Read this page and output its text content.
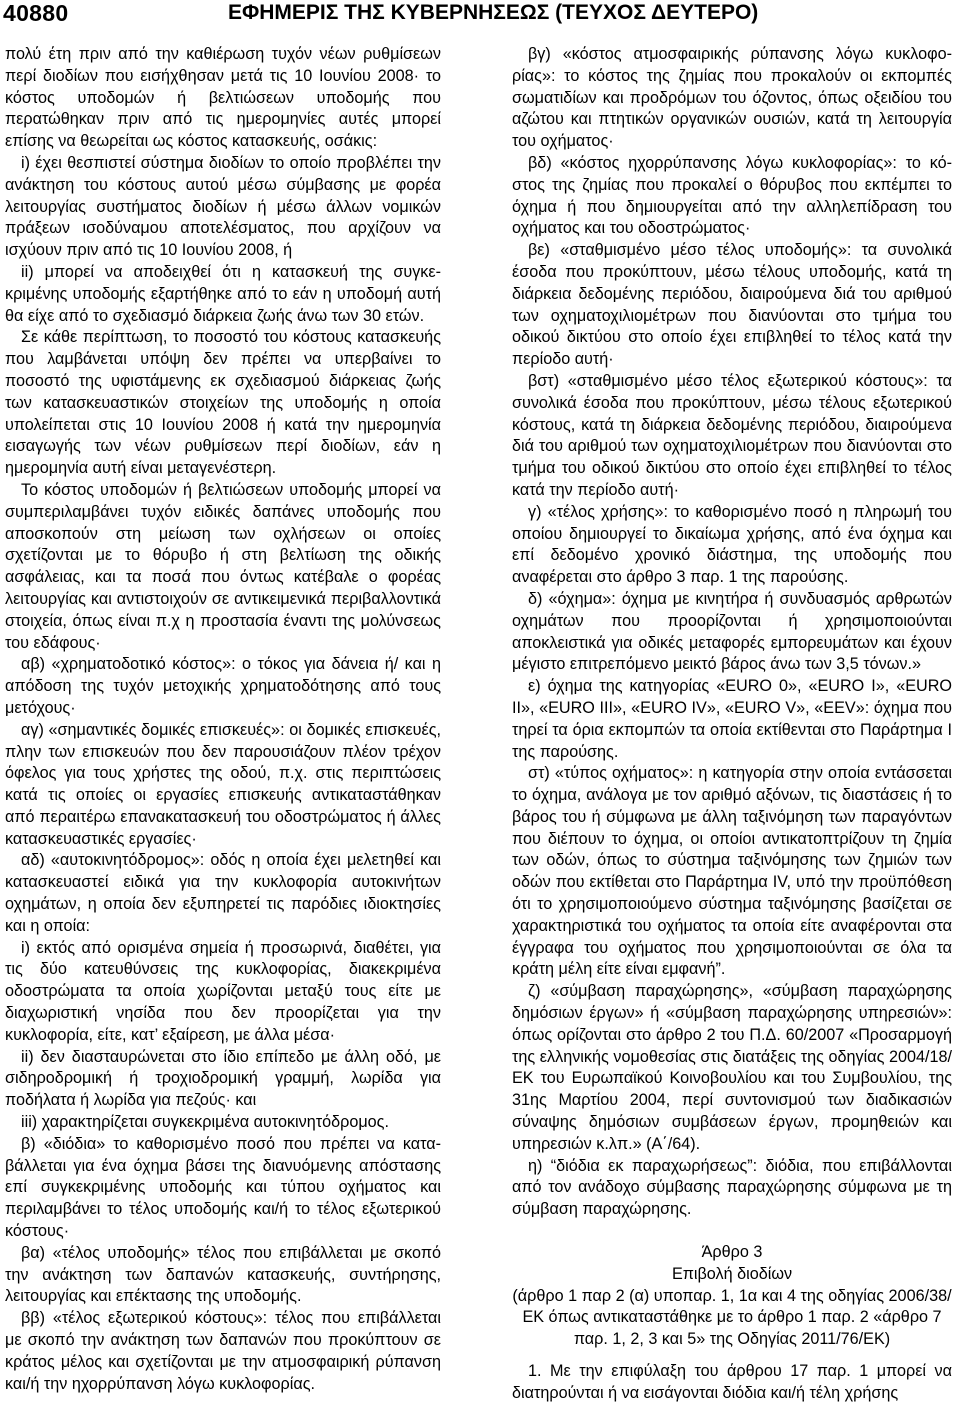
40880	ΕΦΗΜΕΡΙΣ ΤΗΣ ΚΥΒΕΡΝΗΣΕΩΣ (ΤΕΥΧΟΣ ΔΕΥΤΕΡΟ)

πολύ έτη πριν από την καθιέρωση τυχόν νέων ρυθμίσεων περί διοδίων που εισήχθησαν μετά τις 10 Ιουνίου 2008· το κόστος υποδομών ή βελτιώσεων υποδομής που περατώθηκαν πριν από τις ημερομηνίες αυτές μπορεί επίσης να θεωρείται ως κόστος κατασκευής, οσάκις:

i) έχει θεσπιστεί σύστημα διοδίων το οποίο προβλέπει την ανάκτηση του κόστους αυτού μέσω σύμβασης με φορέα λειτουργίας συστήματος διοδίων ή μέσω άλλων νομικών πράξεων ισοδύναμου αποτελέσματος, που αρχίζουν να ισχύουν πριν από τις 10 Ιουνίου 2008, ή

ii) μπορεί να αποδειχθεί ότι η κατασκευή της συγκεκριμένης υποδομής εξαρτήθηκε από το εάν η υποδομή αυτή θα είχε από το σχεδιασμό διάρκεια ζωής άνω των 30 ετών.

Σε κάθε περίπτωση, το ποσοστό του κόστους κατασκευής που λαμβάνεται υπόψη δεν πρέπει να υπερβαίνει το ποσοστό της υφιστάμενης εκ σχεδιασμού διάρκειας ζωής των κατασκευαστικών στοιχείων της υποδομής η οποία υπολείπεται στις 10 Ιουνίου 2008 ή κατά την ημερομηνία εισαγωγής των νέων ρυθμίσεων περί διοδίων, εάν η ημερομηνία αυτή είναι μεταγενέστερη.

Το κόστος υποδομών ή βελτιώσεων υποδομής μπορεί να συμπεριλαμβάνει τυχόν ειδικές δαπάνες υποδομής που αποσκοπούν στη μείωση των οχλήσεων οι οποίες σχετίζονται με το θόρυβο ή στη βελτίωση της οδικής ασφάλειας, και τα ποσά που όντως κατέβαλε ο φορέας λειτουργίας και αντιστοιχούν σε αντικειμενικά περιβαλλοντικά στοιχεία, όπως είναι π.χ η προστασία έναντι της μολύνσεως του εδάφους·

αβ) «χρηματοδοτικό κόστος»: ο τόκος για δάνεια ή/ και η απόδοση της τυχόν μετοχικής χρηματοδότησης από τους μετόχους·

αγ) «σημαντικές δομικές επισκευές»: οι δομικές επισκευές, πλην των επισκευών που δεν παρουσιάζουν πλέον τρέχον όφελος για τους χρήστες της οδού, π.χ. στις περιπτώσεις κατά τις οποίες οι εργασίες επισκευής αντικαταστάθηκαν από περαιτέρω επανακατασκευή του οδοστρώματος ή άλλες κατασκευαστικές εργασίες·

αδ) «αυτοκινητόδρομος»: οδός η οποία έχει μελετηθεί και κατασκευαστεί ειδικά για την κυκλοφορία αυτοκινήτων οχημάτων, η οποία δεν εξυπηρετεί τις παρόδιες ιδιοκτησίες και η οποία:

i) εκτός από ορισμένα σημεία ή προσωρινά, διαθέτει, για τις δύο κατευθύνσεις της κυκλοφορίας, διακεκριμένα οδοστρώματα τα οποία χωρίζονται μεταξύ τους είτε με διαχωριστική νησίδα που δεν προορίζεται για την κυκλοφορία, είτε, κατ’ εξαίρεση, με άλλα μέσα·

ii) δεν διασταυρώνεται στο ίδιο επίπεδο με άλλη οδό, με σιδηροδρομική ή τροχιοδρομική γραμμή, λωρίδα για ποδήλατα ή λωρίδα για πεζούς· και

iii) χαρακτηρίζεται συγκεκριμένα αυτοκινητόδρομος.

β) «διόδια» το καθορισμένο ποσό που πρέπει να καταβάλλεται για ένα όχημα βάσει της διανυόμενης απόστασης επί συγκεκριμένης υποδομής και τύπου οχήματος και περιλαμβάνει το τέλος υποδομής και/ή το τέλος εξωτερικού κόστους·

βα) «τέλος υποδομής» τέλος που επιβάλλεται με σκοπό την ανάκτηση των δαπανών κατασκευής, συντήρησης, λειτουργίας και επέκτασης της υποδομής.

ββ) «τέλος εξωτερικού κόστους»: τέλος που επιβάλλεται με σκοπό την ανάκτηση των δαπανών που προκύπτουν σε κράτος μέλος και σχετίζονται με την ατμοσφαιρική ρύπανση και/ή την ηχορρύπανση λόγω κυκλοφορίας.

βγ) «κόστος ατμοσφαιρικής ρύπανσης λόγω κυκλοφορίας»: το κόστος της ζημίας που προκαλούν οι εκπομπές σωματιδίων και προδρόμων του όζοντος, όπως οξειδίου του αζώτου και πτητικών οργανικών ουσιών, κατά τη λειτουργία του οχήματος·

βδ) «κόστος ηχορρύπανσης λόγω κυκλοφορίας»: το κόστος της ζημίας που προκαλεί ο θόρυβος που εκπέμπει το όχημα ή που δημιουργείται από την αλληλεπίδραση του οχήματος και του οδοστρώματος·

βε) «σταθμισμένο μέσο τέλος υποδομής»: τα συνολικά έσοδα που προκύπτουν, μέσω τέλους υποδομής, κατά τη διάρκεια δεδομένης περιόδου, διαιρούμενα διά του αριθμού των οχηματοχιλιομέτρων που διανύονται στο τμήμα του οδικού δικτύου στο οποίο έχει επιβληθεί το τέλος κατά την περίοδο αυτή·

βστ) «σταθμισμένο μέσο τέλος εξωτερικού κόστους»: τα συνολικά έσοδα που προκύπτουν, μέσω τέλους εξωτερικού κόστους, κατά τη διάρκεια δεδομένης περιόδου, διαιρούμενα διά του αριθμού των οχηματοχιλιομέτρων που διανύονται στο τμήμα του οδικού δικτύου στο οποίο έχει επιβληθεί το τέλος κατά την περίοδο αυτή·

γ) «τέλος χρήσης»: το καθορισμένο ποσό η πληρωμή του οποίου δημιουργεί το δικαίωμα χρήσης, από ένα όχημα και επί δεδομένο χρονικό διάστημα, της υποδομής που αναφέρεται στο άρθρο 3 παρ. 1 της παρούσης.

δ) «όχημα»: όχημα με κινητήρα ή συνδυασμός αρθρωτών οχημάτων που προορίζονται ή χρησιμοποιούνται αποκλειστικά για οδικές μεταφορές εμπορευμάτων και έχουν μέγιστο επιτρεπόμενο μεικτό βάρος άνω των 3,5 τόνων.»

ε) όχημα της κατηγορίας «EURO 0», «EURO I», «EURO II», «EURO III», «EURO IV», «EURO V», «EEV»: όχημα που τηρεί τα όρια εκπομπών τα οποία εκτίθενται στο Παράρτημα Ι της παρούσης.

στ) «τύπος οχήματος»: η κατηγορία στην οποία εντάσσεται το όχημα, ανάλογα με τον αριθμό αξόνων, τις διαστάσεις ή το βάρος του ή σύμφωνα με άλλη ταξινόμηση των παραγόντων που διέπουν το όχημα, οι οποίοι αντικατοπτρίζουν τη ζημία των οδών, όπως το σύστημα ταξινόμησης των ζημιών των οδών που εκτίθεται στο Παράρτημα IV, υπό την προϋπόθεση ότι το χρησιμοποιούμενο σύστημα ταξινόμησης βασίζεται σε χαρακτηριστικά του οχήματος τα οποία είτε αναφέρονται στα έγγραφα του οχήματος που χρησιμοποιούνται σε όλα τα κράτη μέλη είτε είναι εμφανή”.

ζ) «σύμβαση παραχώρησης», «σύμβαση παραχώρησης δημόσιων έργων» ή «σύμβαση παραχώρησης υπηρεσιών»: όπως ορίζονται στο άρθρο 2 του Π.Δ. 60/2007 «Προσαρμογή της ελληνικής νομοθεσίας στις διατάξεις της οδηγίας 2004/18/ΕΚ του Ευρωπαϊκού Κοινοβουλίου και του Συμβουλίου, της 31ης Μαρτίου 2004, περί συντονισμού των διαδικασιών σύναψης δημόσιων συμβάσεων έργων, προμηθειών και υπηρεσιών κ.λπ.» (Α΄/64).

η) “διόδια εκ παραχωρήσεως”: διόδια, που επιβάλλονται από τον ανάδοχο σύμβασης παραχώρησης σύμφωνα με τη σύμβαση παραχώρησης.

Άρθρο 3

Επιβολή διοδίων

(άρθρο 1 παρ 2 (α) υποπαρ. 1, 1α και 4 της οδηγίας 2006/38/ΕΚ όπως αντικαταστάθηκε με το άρθρο 1 παρ. 2 «άρθρο 7 παρ. 1, 2, 3 και 5» της Οδηγίας 2011/76/ΕΚ)

1. Με την επιφύλαξη του άρθρου 17 παρ. 1 μπορεί να διατηρούνται ή να εισάγονται διόδια και/ή τέλη χρήσης
